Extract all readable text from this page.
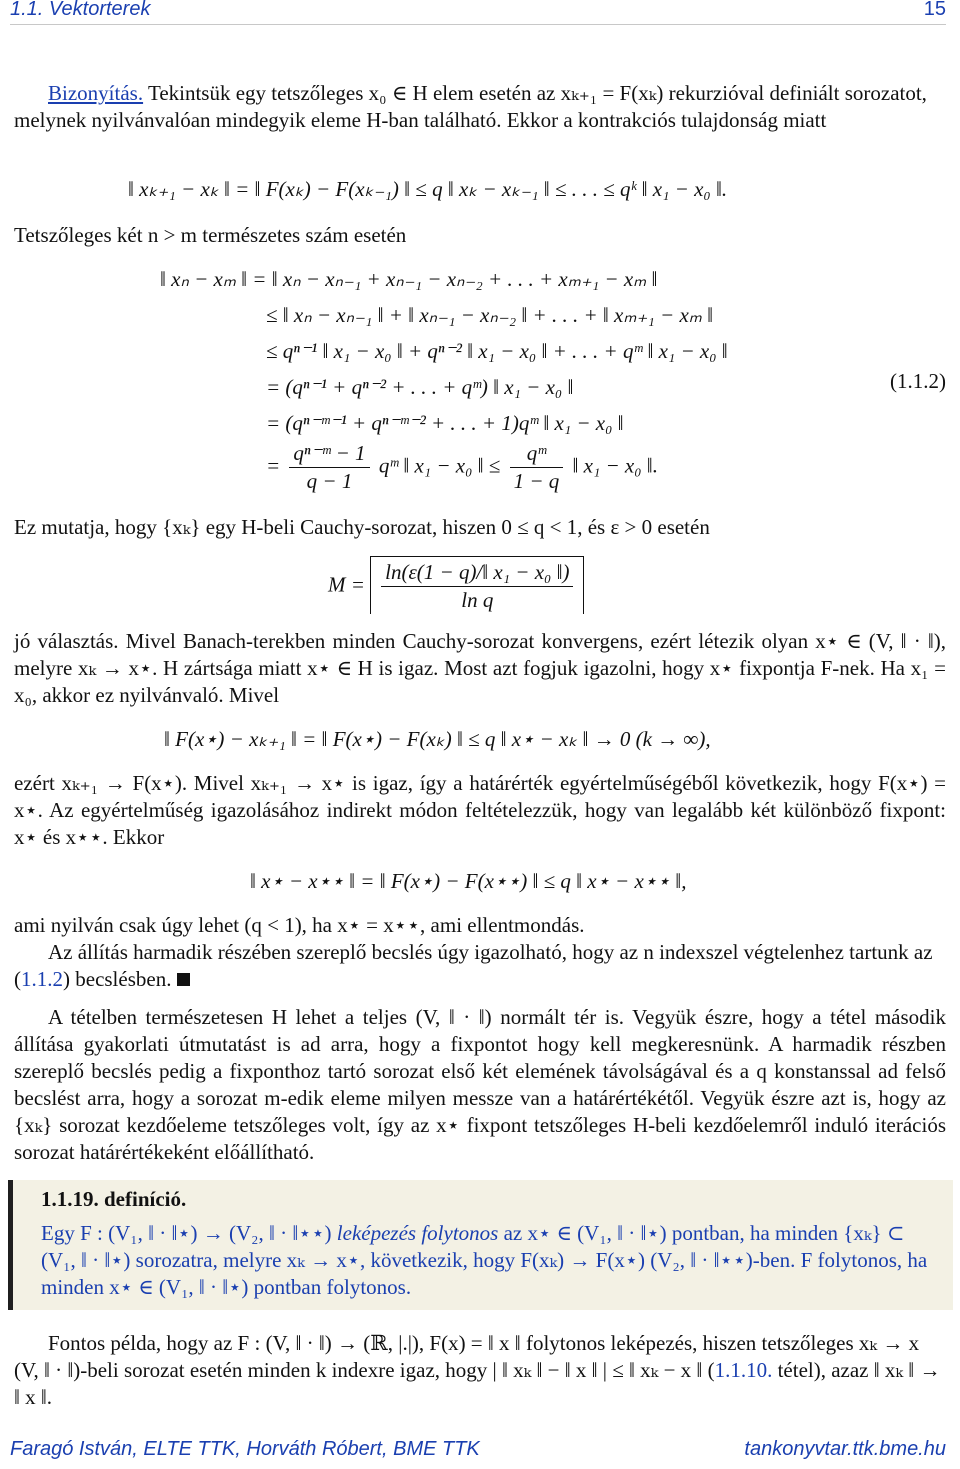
1.1. Vektorterek	15
Bizonyítás. Tekintsük egy tetszőleges x₀ ∈ H elem esetén az xₖ₊₁ = F(xₖ) rekurzióval definiált sorozatot, melynek nyilvánvalóan mindegyik eleme H-ban található. Ekkor a kontrakciós tulajdonság miatt
‖ xₖ₊₁ − xₖ ‖ = ‖ F(xₖ) − F(xₖ₋₁) ‖ ≤ q ‖ xₖ − xₖ₋₁ ‖ ≤ . . . ≤ qᵏ ‖ x₁ − x₀ ‖.
Tetszőleges két n > m természetes szám esetén
‖ xₙ − xₘ ‖ = ‖ xₙ − xₙ₋₁ + xₙ₋₁ − xₙ₋₂ + . . . + xₘ₊₁ − xₘ ‖
≤ ‖ xₙ − xₙ₋₁ ‖ + ‖ xₙ₋₁ − xₙ₋₂ ‖ + . . . + ‖ xₘ₊₁ − xₘ ‖
≤ qⁿ⁻¹ ‖ x₁ − x₀ ‖ + qⁿ⁻² ‖ x₁ − x₀ ‖ + . . . + qᵐ ‖ x₁ − x₀ ‖
= (qⁿ⁻¹ + qⁿ⁻² + . . . + qᵐ) ‖ x₁ − x₀ ‖
= (qⁿ⁻ᵐ⁻¹ + qⁿ⁻ᵐ⁻² + . . . + 1)qᵐ ‖ x₁ − x₀ ‖
= $\frac{\text{qⁿ⁻ᵐ − 1}}{q - 1}$ qᵐ ‖ x₁ − x₀ ‖ ≤ $\frac{\text{qᵐ}}{1 - q}$ ‖ x₁ − x₀ ‖.
(1.1.2)
Ez mutatja, hogy {xₖ} egy H-beli Cauchy-sorozat, hiszen 0 ≤ q < 1, és ε > 0 esetén
$M = \frac{\text{ln(ε(1 − q)/‖ x₁ − x₀ ‖)}}{\text{ln q}}$
jó választás. Mivel Banach-terekben minden Cauchy-sorozat konvergens, ezért létezik olyan x⋆ ∈ (V, ‖ · ‖), melyre xₖ → x⋆. H zártsága miatt x⋆ ∈ H is igaz. Most azt fogjuk igazolni, hogy x⋆ fixpontja F-nek. Ha x₁ = x₀, akkor ez nyilvánvaló. Mivel
‖ F(x⋆) − xₖ₊₁ ‖ = ‖ F(x⋆) − F(xₖ) ‖ ≤ q ‖ x⋆ − xₖ ‖ → 0 (k → ∞),
ezért xₖ₊₁ → F(x⋆). Mivel xₖ₊₁ → x⋆ is igaz, így a határérték egyértelműségéből következik, hogy F(x⋆) = x⋆. Az egyértelműség igazolásához indirekt módon feltételezzük, hogy van legalább két különböző fixpont: x⋆ és x⋆⋆. Ekkor
‖ x⋆ − x⋆⋆ ‖ = ‖ F(x⋆) − F(x⋆⋆) ‖ ≤ q ‖ x⋆ − x⋆⋆ ‖,
ami nyilván csak úgy lehet (q < 1), ha x⋆ = x⋆⋆, ami ellentmondás.
Az állítás harmadik részében szereplő becslés úgy igazolható, hogy az n indexszel végtelenhez tartunk az (1.1.2) becslésben.
A tételben természetesen H lehet a teljes (V, ‖ · ‖) normált tér is. Vegyük észre, hogy a tétel második állítása gyakorlati útmutatást is ad arra, hogy a fixpontot hogy kell megkeresnünk. A harmadik részben szereplő becslés pedig a fixponthoz tartó sorozat első két elemének távolságával és a q konstanssal ad felső becslést arra, hogy a sorozat m-edik eleme milyen messze van a határértékétől. Vegyük észre azt is, hogy az {xₖ} sorozat kezdőeleme tetszőleges volt, így az x⋆ fixpont tetszőleges H-beli kezdőelemről induló iterációs sorozat határértékeként előállítható.
1.1.19. definíció.
Egy F : (V₁, ‖ · ‖⋆) → (V₂, ‖ · ‖⋆⋆) leképezés folytonos az x⋆ ∈ (V₁, ‖ · ‖⋆) pontban, ha minden {xₖ} ⊂ (V₁, ‖ · ‖⋆) sorozatra, melyre xₖ → x⋆, következik, hogy F(xₖ) → F(x⋆) (V₂, ‖ · ‖⋆⋆)-ben. F folytonos, ha minden x⋆ ∈ (V₁, ‖ · ‖⋆) pontban folytonos.
Fontos példa, hogy az F : (V, ‖ · ‖) → (ℝ, |.|), F(x) = ‖ x ‖ folytonos leképezés, hiszen tetszőleges xₖ → x (V, ‖ · ‖)-beli sorozat esetén minden k indexre igaz, hogy | ‖ xₖ ‖ − ‖ x ‖ | ≤ ‖ xₖ − x ‖ (1.1.10. tétel), azaz ‖ xₖ ‖ → ‖ x ‖.
Faragó István, ELTE TTK, Horváth Róbert, BME TTK	tankonyvtar.ttk.bme.hu
